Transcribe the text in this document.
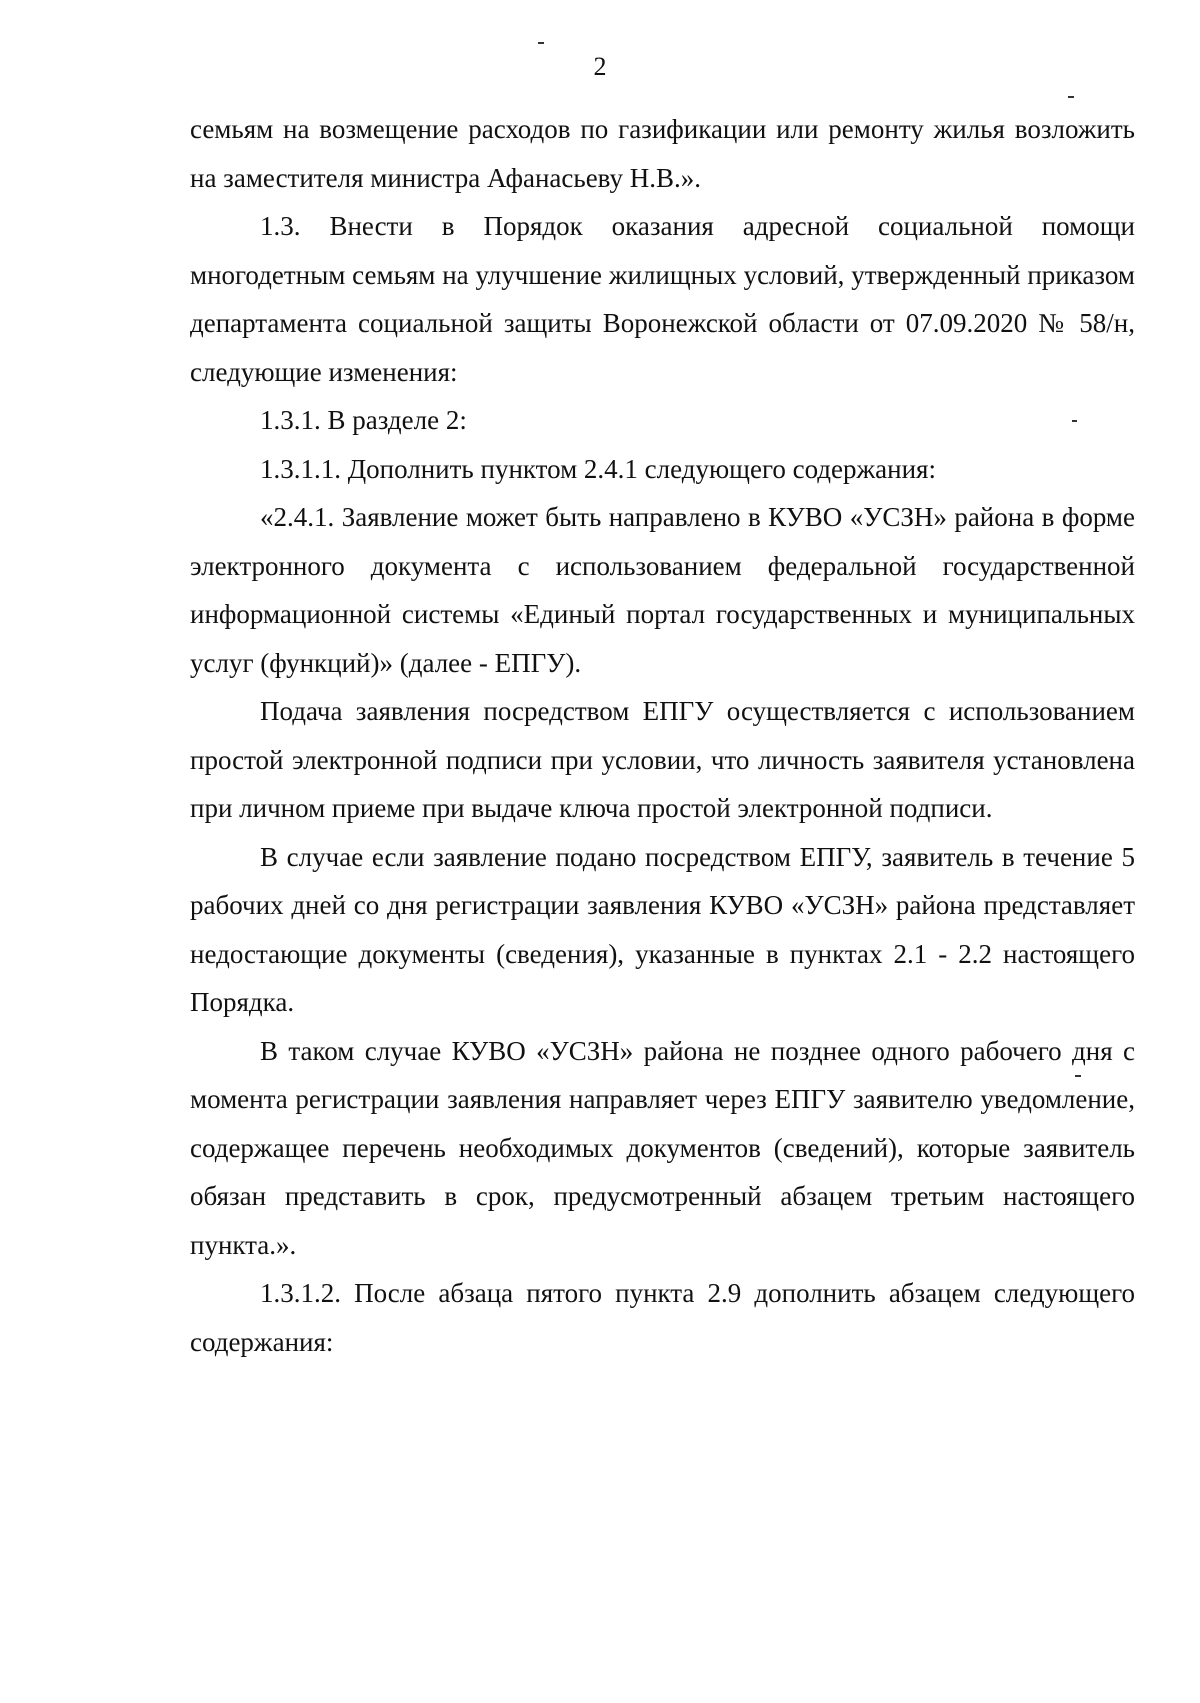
2

семьям на возмещение расходов по газификации или ремонту жилья возложить на заместителя министра Афанасьеву Н.В.».

1.3. Внести в Порядок оказания адресной социальной помощи многодетным семьям на улучшение жилищных условий, утвержденный приказом департамента социальной защиты Воронежской области от 07.09.2020 № 58/н, следующие изменения:

1.3.1. В разделе 2:

1.3.1.1. Дополнить пунктом 2.4.1 следующего содержания:

«2.4.1. Заявление может быть направлено в КУВО «УСЗН» района в форме электронного документа с использованием федеральной государственной информационной системы «Единый портал государственных и муниципальных услуг (функций)» (далее - ЕПГУ).

Подача заявления посредством ЕПГУ осуществляется с использованием простой электронной подписи при условии, что личность заявителя установлена при личном приеме при выдаче ключа простой электронной подписи.

В случае если заявление подано посредством ЕПГУ, заявитель в течение 5 рабочих дней со дня регистрации заявления КУВО «УСЗН» района представляет недостающие документы (сведения), указанные в пунктах 2.1 - 2.2 настоящего Порядка.

В таком случае КУВО «УСЗН» района не позднее одного рабочего дня с момента регистрации заявления направляет через ЕПГУ заявителю уведомление, содержащее перечень необходимых документов (сведений), которые заявитель обязан представить в срок, предусмотренный абзацем третьим настоящего пункта.».

1.3.1.2. После абзаца пятого пункта 2.9 дополнить абзацем следующего содержания:
